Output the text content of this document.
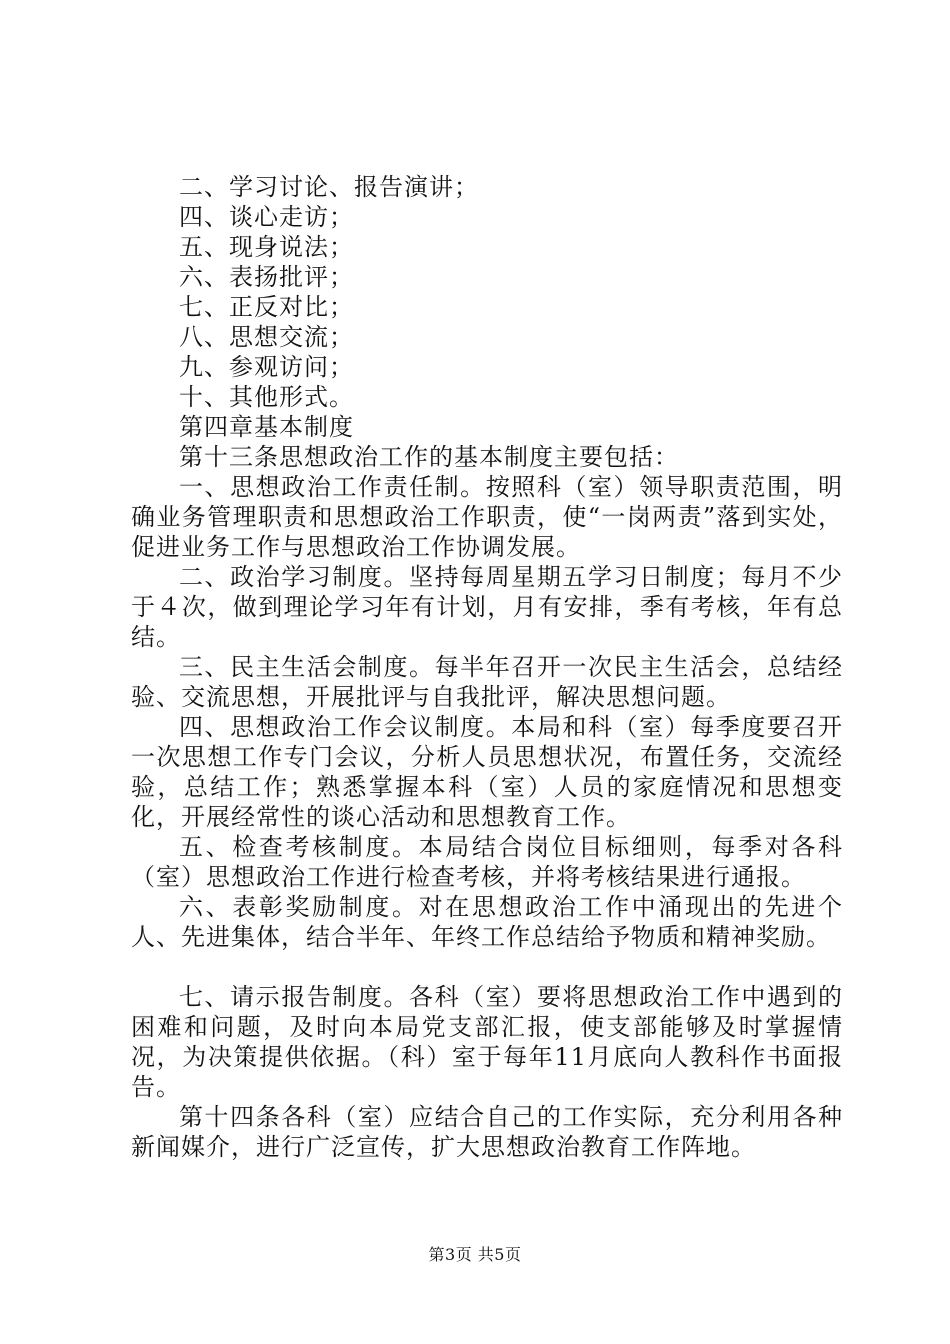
二、学习讨论、报告演讲；

四、谈心走访；

五、现身说法；

六、表扬批评；

七、正反对比；

八、思想交流；

九、参观访问；

十、其他形式。

第四章基本制度

第十三条思想政治工作的基本制度主要包括：

一、思想政治工作责任制。按照科（室）领导职责范围，明确业务管理职责和思想政治工作职责，使“一岗两责”落到实处，促进业务工作与思想政治工作协调发展。

二、政治学习制度。坚持每周星期五学习日制度；每月不少于４次，做到理论学习年有计划，月有安排，季有考核，年有总结。

三、民主生活会制度。每半年召开一次民主生活会，总结经验、交流思想，开展批评与自我批评，解决思想问题。

四、思想政治工作会议制度。本局和科（室）每季度要召开一次思想工作专门会议，分析人员思想状况，布置任务，交流经验，总结工作；熟悉掌握本科（室）人员的家庭情况和思想变化，开展经常性的谈心活动和思想教育工作。

五、检查考核制度。本局结合岗位目标细则，每季对各科（室）思想政治工作进行检查考核，并将考核结果进行通报。

六、表彰奖励制度。对在思想政治工作中涌现出的先进个人、先进集体，结合半年、年终工作总结给予物质和精神奖励。

七、请示报告制度。各科（室）要将思想政治工作中遇到的困难和问题，及时向本局党支部汇报，使支部能够及时掌握情况，为决策提供依据。（科）室于每年11月底向人教科作书面报告。

第十四条各科（室）应结合自己的工作实际，充分利用各种新闻媒介，进行广泛宣传，扩大思想政治教育工作阵地。

第3页 共5页
